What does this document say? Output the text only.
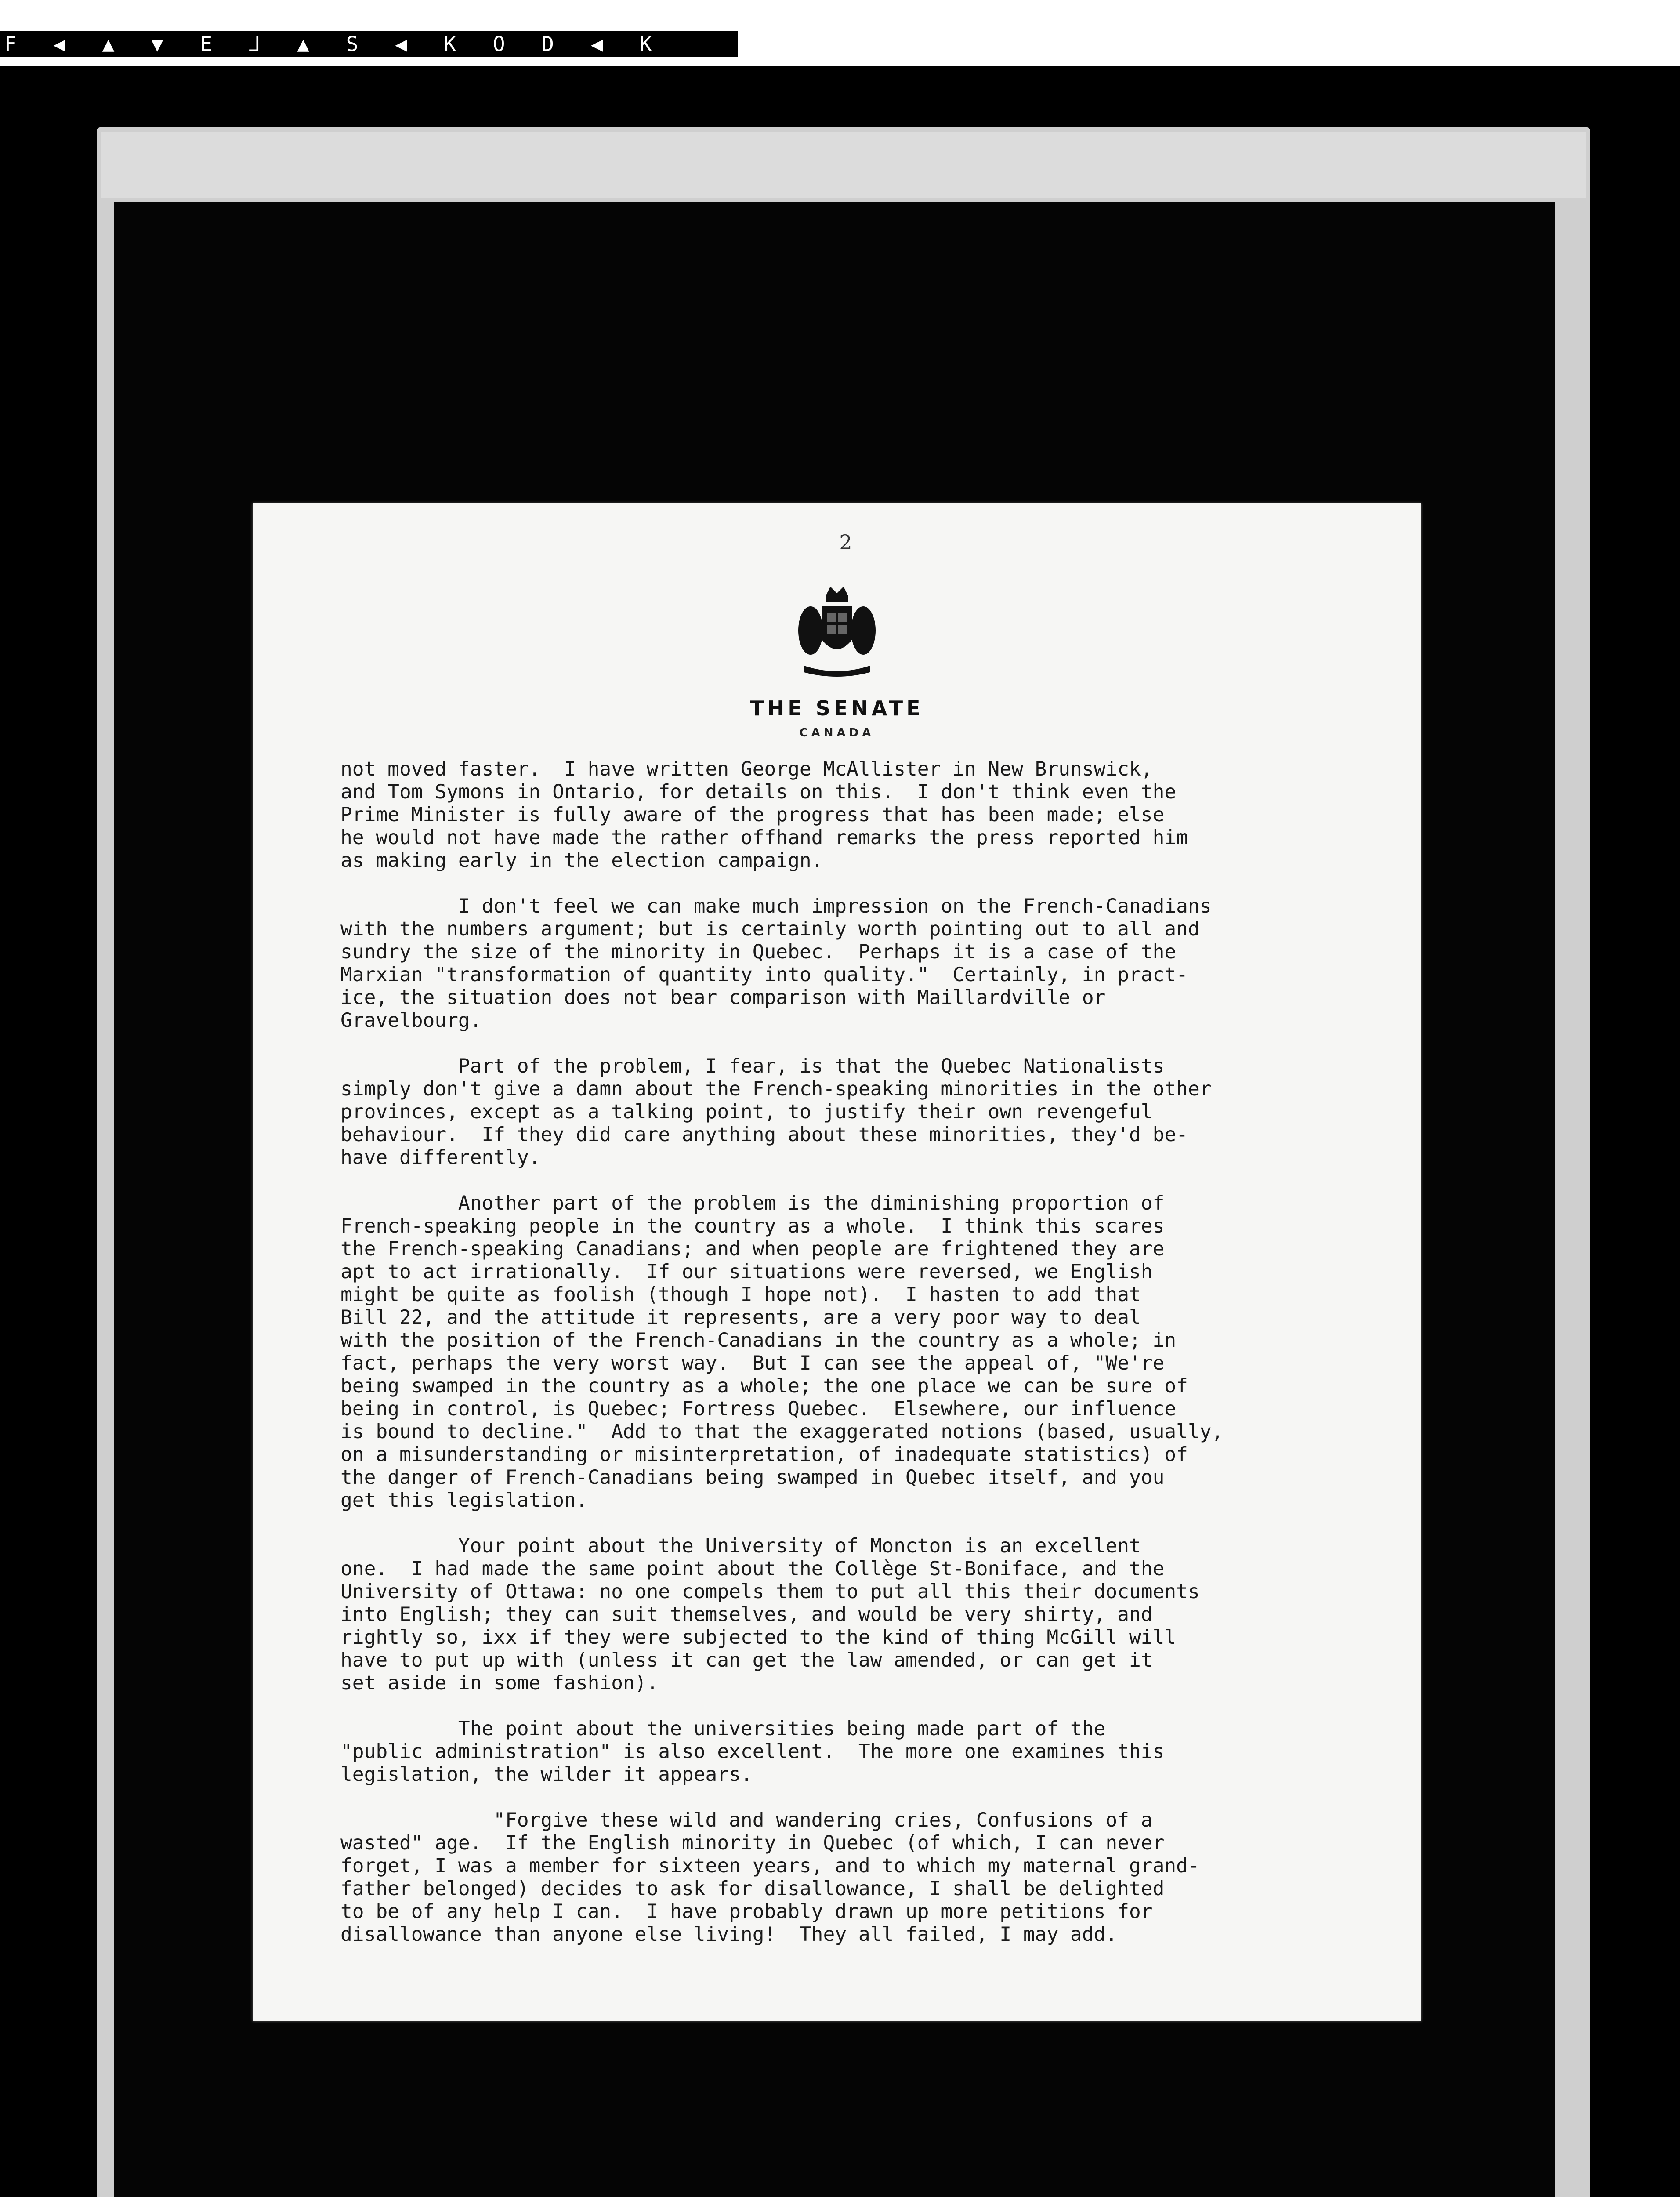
F ◀ ▲ ▼ E ⅃ ▲ S ◀ K O D ◀ K
2
THE SENATE
CANADA

not moved faster.  I have written George McAllister in New Brunswick,
and Tom Symons in Ontario, for details on this.  I don't think even the
Prime Minister is fully aware of the progress that has been made; else
he would not have made the rather offhand remarks the press reported him
as making early in the election campaign.

I don't feel we can make much impression on the French-Canadians
with the numbers argument; but is certainly worth pointing out to all and
sundry the size of the minority in Quebec.  Perhaps it is a case of the
Marxian "transformation of quantity into quality."  Certainly, in pract-
ice, the situation does not bear comparison with Maillardville or
Gravelbourg.

Part of the problem, I fear, is that the Quebec Nationalists
simply don't give a damn about the French-speaking minorities in the other
provinces, except as a talking point, to justify their own revengeful
behaviour.  If they did care anything about these minorities, they'd be-
have differently.

Another part of the problem is the diminishing proportion of
French-speaking people in the country as a whole.  I think this scares
the French-speaking Canadians; and when people are frightened they are
apt to act irrationally.  If our situations were reversed, we English
might be quite as foolish (though I hope not).  I hasten to add that
Bill 22, and the attitude it represents, are a very poor way to deal
with the position of the French-Canadians in the country as a whole; in
fact, perhaps the very worst way.  But I can see the appeal of, "We're
being swamped in the country as a whole; the one place we can be sure of
being in control, is Quebec; Fortress Quebec.  Elsewhere, our influence
is bound to decline."  Add to that the exaggerated notions (based, usually,
on a misunderstanding or misinterpretation, of inadequate statistics) of
the danger of French-Canadians being swamped in Quebec itself, and you
get this legislation.

Your point about the University of Moncton is an excellent
one.  I had made the same point about the Collège St-Boniface, and the
University of Ottawa: no one compels them to put all this their documents
into English; they can suit themselves, and would be very shirty, and
rightly so, ixx if they were subjected to the kind of thing McGill will
have to put up with (unless it can get the law amended, or can get it
set aside in some fashion).

The point about the universities being made part of the
"public administration" is also excellent.  The more one examines this
legislation, the wilder it appears.

"Forgive these wild and wandering cries, Confusions of a
wasted" age.  If the English minority in Quebec (of which, I can never
forget, I was a member for sixteen years, and to which my maternal grand-
father belonged) decides to ask for disallowance, I shall be delighted
to be of any help I can.  I have probably drawn up more petitions for
disallowance than anyone else living!  They all failed, I may add.
